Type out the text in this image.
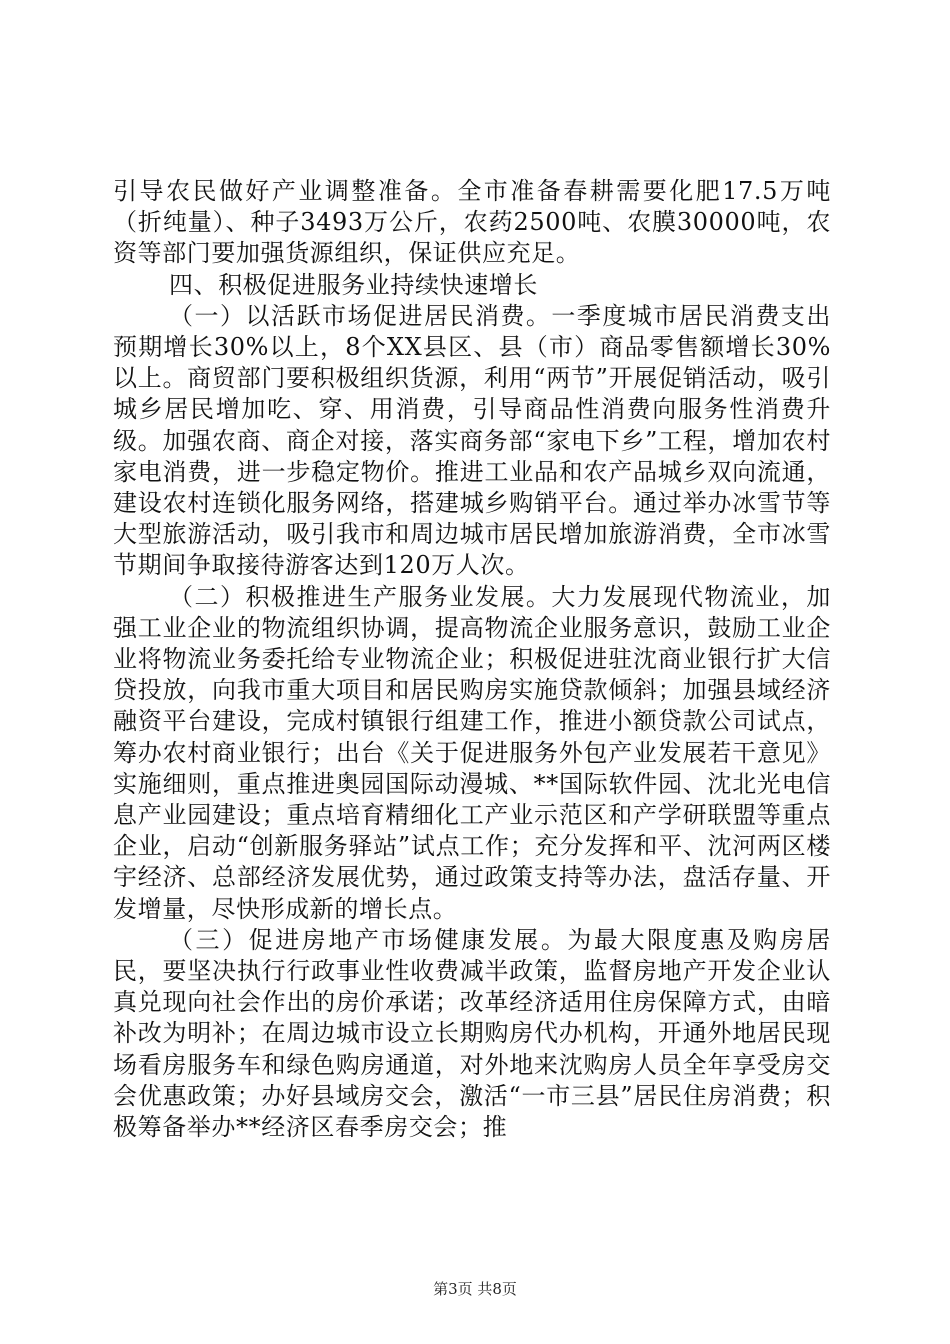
引导农民做好产业调整准备。全市准备春耕需要化肥17.5万吨（折纯量）、种子3493万公斤，农药2500吨、农膜30000吨，农资等部门要加强货源组织，保证供应充足。

四、积极促进服务业持续快速增长

（一）以活跃市场促进居民消费。一季度城市居民消费支出预期增长30%以上，8个XX县区、县（市）商品零售额增长30%以上。商贸部门要积极组织货源，利用“两节”开展促销活动，吸引城乡居民增加吃、穿、用消费，引导商品性消费向服务性消费升级。加强农商、商企对接，落实商务部“家电下乡”工程，增加农村家电消费，进一步稳定物价。推进工业品和农产品城乡双向流通，建设农村连锁化服务网络，搭建城乡购销平台。通过举办冰雪节等大型旅游活动，吸引我市和周边城市居民增加旅游消费，全市冰雪节期间争取接待游客达到120万人次。

（二）积极推进生产服务业发展。大力发展现代物流业，加强工业企业的物流组织协调，提高物流企业服务意识，鼓励工业企业将物流业务委托给专业物流企业；积极促进驻沈商业银行扩大信贷投放，向我市重大项目和居民购房实施贷款倾斜；加强县域经济融资平台建设，完成村镇银行组建工作，推进小额贷款公司试点，筹办农村商业银行；出台《关于促进服务外包产业发展若干意见》实施细则，重点推进奥园国际动漫城、**国际软件园、沈北光电信息产业园建设；重点培育精细化工产业示范区和产学研联盟等重点企业，启动“创新服务驿站”试点工作；充分发挥和平、沈河两区楼宇经济、总部经济发展优势，通过政策支持等办法，盘活存量、开发增量，尽快形成新的增长点。

（三）促进房地产市场健康发展。为最大限度惠及购房居民，要坚决执行行政事业性收费减半政策，监督房地产开发企业认真兑现向社会作出的房价承诺；改革经济适用住房保障方式，由暗补改为明补；在周边城市设立长期购房代办机构，开通外地居民现场看房服务车和绿色购房通道，对外地来沈购房人员全年享受房交会优惠政策；办好县域房交会，激活“一市三县”居民住房消费；积极筹备举办**经济区春季房交会；推

第3页 共8页
